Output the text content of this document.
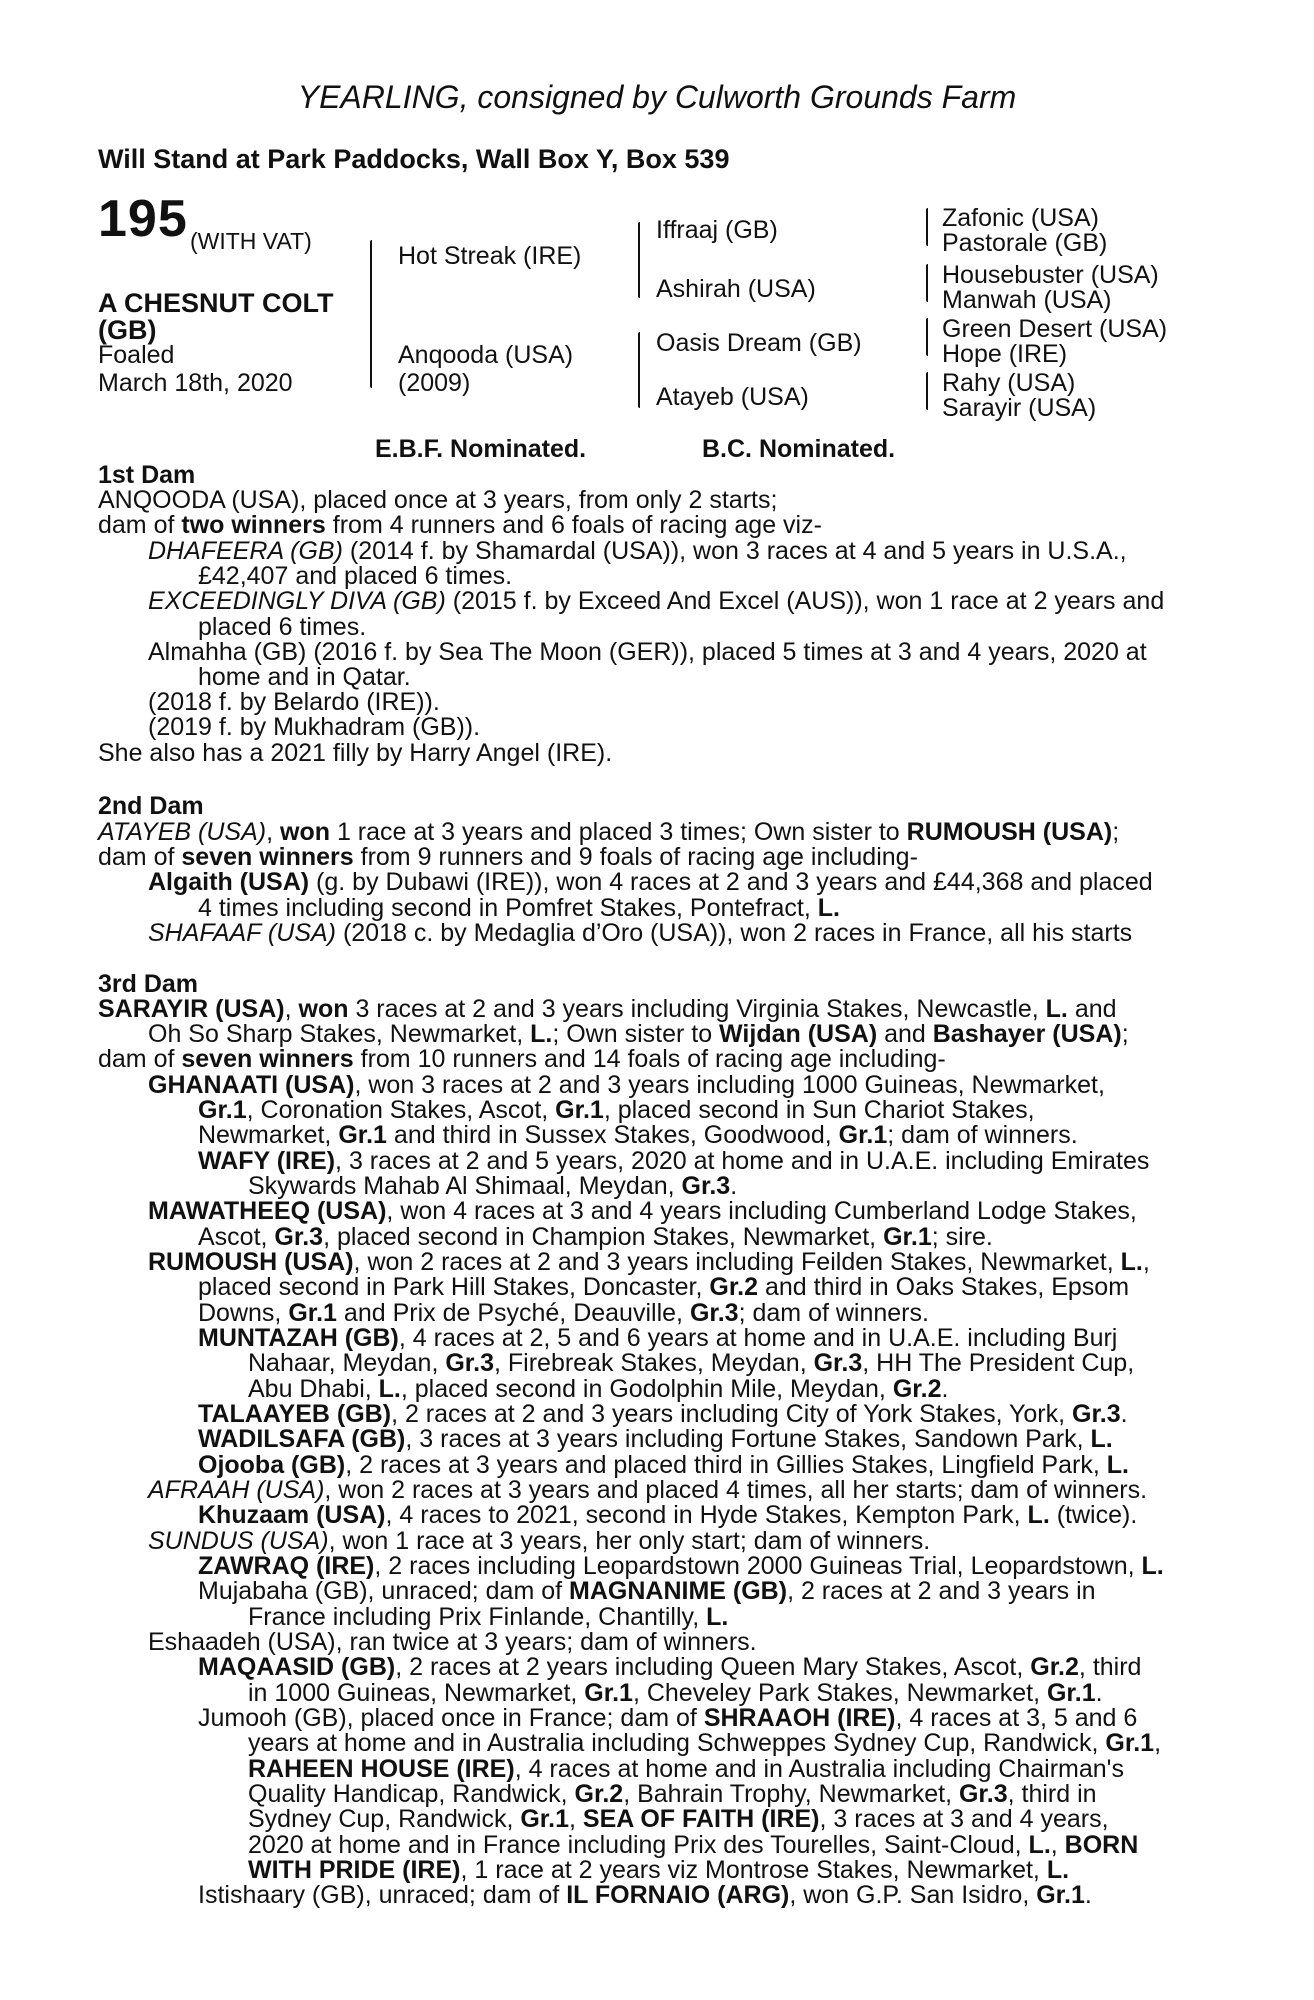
YEARLING, consigned by Culworth Grounds Farm
Will Stand at Park Paddocks, Wall Box Y, Box 539
195 (WITH VAT)
A CHESNUT COLT
(GB)
Foaled
March 18th, 2020
Hot Streak (IRE)
Anqooda (USA)
(2009)
Iffraaj (GB)
Ashirah (USA)
Oasis Dream (GB)
Atayeb (USA)
Zafonic (USA)
Pastorale (GB)
Housebuster (USA)
Manwah (USA)
Green Desert (USA)
Hope (IRE)
Rahy (USA)
Sarayir (USA)
E.B.F. Nominated.	B.C. Nominated.
1st Dam
2nd Dam
3rd Dam
ANQOODA (USA), placed once at 3 years, from only 2 starts;
dam of two winners from 4 runners and 6 foals of racing age viz-
DHAFEERA (GB) (2014 f. by Shamardal (USA)), won 3 races at 4 and 5 years in U.S.A.,
£42,407 and placed 6 times.
EXCEEDINGLY DIVA (GB) (2015 f. by Exceed And Excel (AUS)), won 1 race at 2 years and
placed 6 times.
Almahha (GB) (2016 f. by Sea The Moon (GER)), placed 5 times at 3 and 4 years, 2020 at
home and in Qatar.
(2018 f. by Belardo (IRE)).
(2019 f. by Mukhadram (GB)).
She also has a 2021 filly by Harry Angel (IRE).
ATAYEB (USA), won 1 race at 3 years and placed 3 times; Own sister to RUMOUSH (USA);
dam of seven winners from 9 runners and 9 foals of racing age including-
Algaith (USA) (g. by Dubawi (IRE)), won 4 races at 2 and 3 years and £44,368 and placed
4 times including second in Pomfret Stakes, Pontefract, L.
SHAFAAF (USA) (2018 c. by Medaglia d’Oro (USA)), won 2 races in France, all his starts
SARAYIR (USA), won 3 races at 2 and 3 years including Virginia Stakes, Newcastle, L. and
Oh So Sharp Stakes, Newmarket, L.; Own sister to Wijdan (USA) and Bashayer (USA);
dam of seven winners from 10 runners and 14 foals of racing age including-
GHANAATI (USA), won 3 races at 2 and 3 years including 1000 Guineas, Newmarket,
Gr.1, Coronation Stakes, Ascot, Gr.1, placed second in Sun Chariot Stakes,
Newmarket, Gr.1 and third in Sussex Stakes, Goodwood, Gr.1; dam of winners.
WAFY (IRE), 3 races at 2 and 5 years, 2020 at home and in U.A.E. including Emirates
Skywards Mahab Al Shimaal, Meydan, Gr.3.
MAWATHEEQ (USA), won 4 races at 3 and 4 years including Cumberland Lodge Stakes,
Ascot, Gr.3, placed second in Champion Stakes, Newmarket, Gr.1; sire.
RUMOUSH (USA), won 2 races at 2 and 3 years including Feilden Stakes, Newmarket, L.,
placed second in Park Hill Stakes, Doncaster, Gr.2 and third in Oaks Stakes, Epsom
Downs, Gr.1 and Prix de Psyché, Deauville, Gr.3; dam of winners.
MUNTAZAH (GB), 4 races at 2, 5 and 6 years at home and in U.A.E. including Burj
Nahaar, Meydan, Gr.3, Firebreak Stakes, Meydan, Gr.3, HH The President Cup,
Abu Dhabi, L., placed second in Godolphin Mile, Meydan, Gr.2.
TALAAYEB (GB), 2 races at 2 and 3 years including City of York Stakes, York, Gr.3.
WADILSAFA (GB), 3 races at 3 years including Fortune Stakes, Sandown Park, L.
Ojooba (GB), 2 races at 3 years and placed third in Gillies Stakes, Lingfield Park, L.
AFRAAH (USA), won 2 races at 3 years and placed 4 times, all her starts; dam of winners.
Khuzaam (USA), 4 races to 2021, second in Hyde Stakes, Kempton Park, L. (twice).
SUNDUS (USA), won 1 race at 3 years, her only start; dam of winners.
ZAWRAQ (IRE), 2 races including Leopardstown 2000 Guineas Trial, Leopardstown, L.
Mujabaha (GB), unraced; dam of MAGNANIME (GB), 2 races at 2 and 3 years in
France including Prix Finlande, Chantilly, L.
Eshaadeh (USA), ran twice at 3 years; dam of winners.
MAQAASID (GB), 2 races at 2 years including Queen Mary Stakes, Ascot, Gr.2, third
in 1000 Guineas, Newmarket, Gr.1, Cheveley Park Stakes, Newmarket, Gr.1.
Jumooh (GB), placed once in France; dam of SHRAAOH (IRE), 4 races at 3, 5 and 6
years at home and in Australia including Schweppes Sydney Cup, Randwick, Gr.1,
RAHEEN HOUSE (IRE), 4 races at home and in Australia including Chairman's
Quality Handicap, Randwick, Gr.2, Bahrain Trophy, Newmarket, Gr.3, third in
Sydney Cup, Randwick, Gr.1, SEA OF FAITH (IRE), 3 races at 3 and 4 years,
2020 at home and in France including Prix des Tourelles, Saint-Cloud, L., BORN
WITH PRIDE (IRE), 1 race at 2 years viz Montrose Stakes, Newmarket, L.
Istishaary (GB), unraced; dam of IL FORNAIO (ARG), won G.P. San Isidro, Gr.1.
